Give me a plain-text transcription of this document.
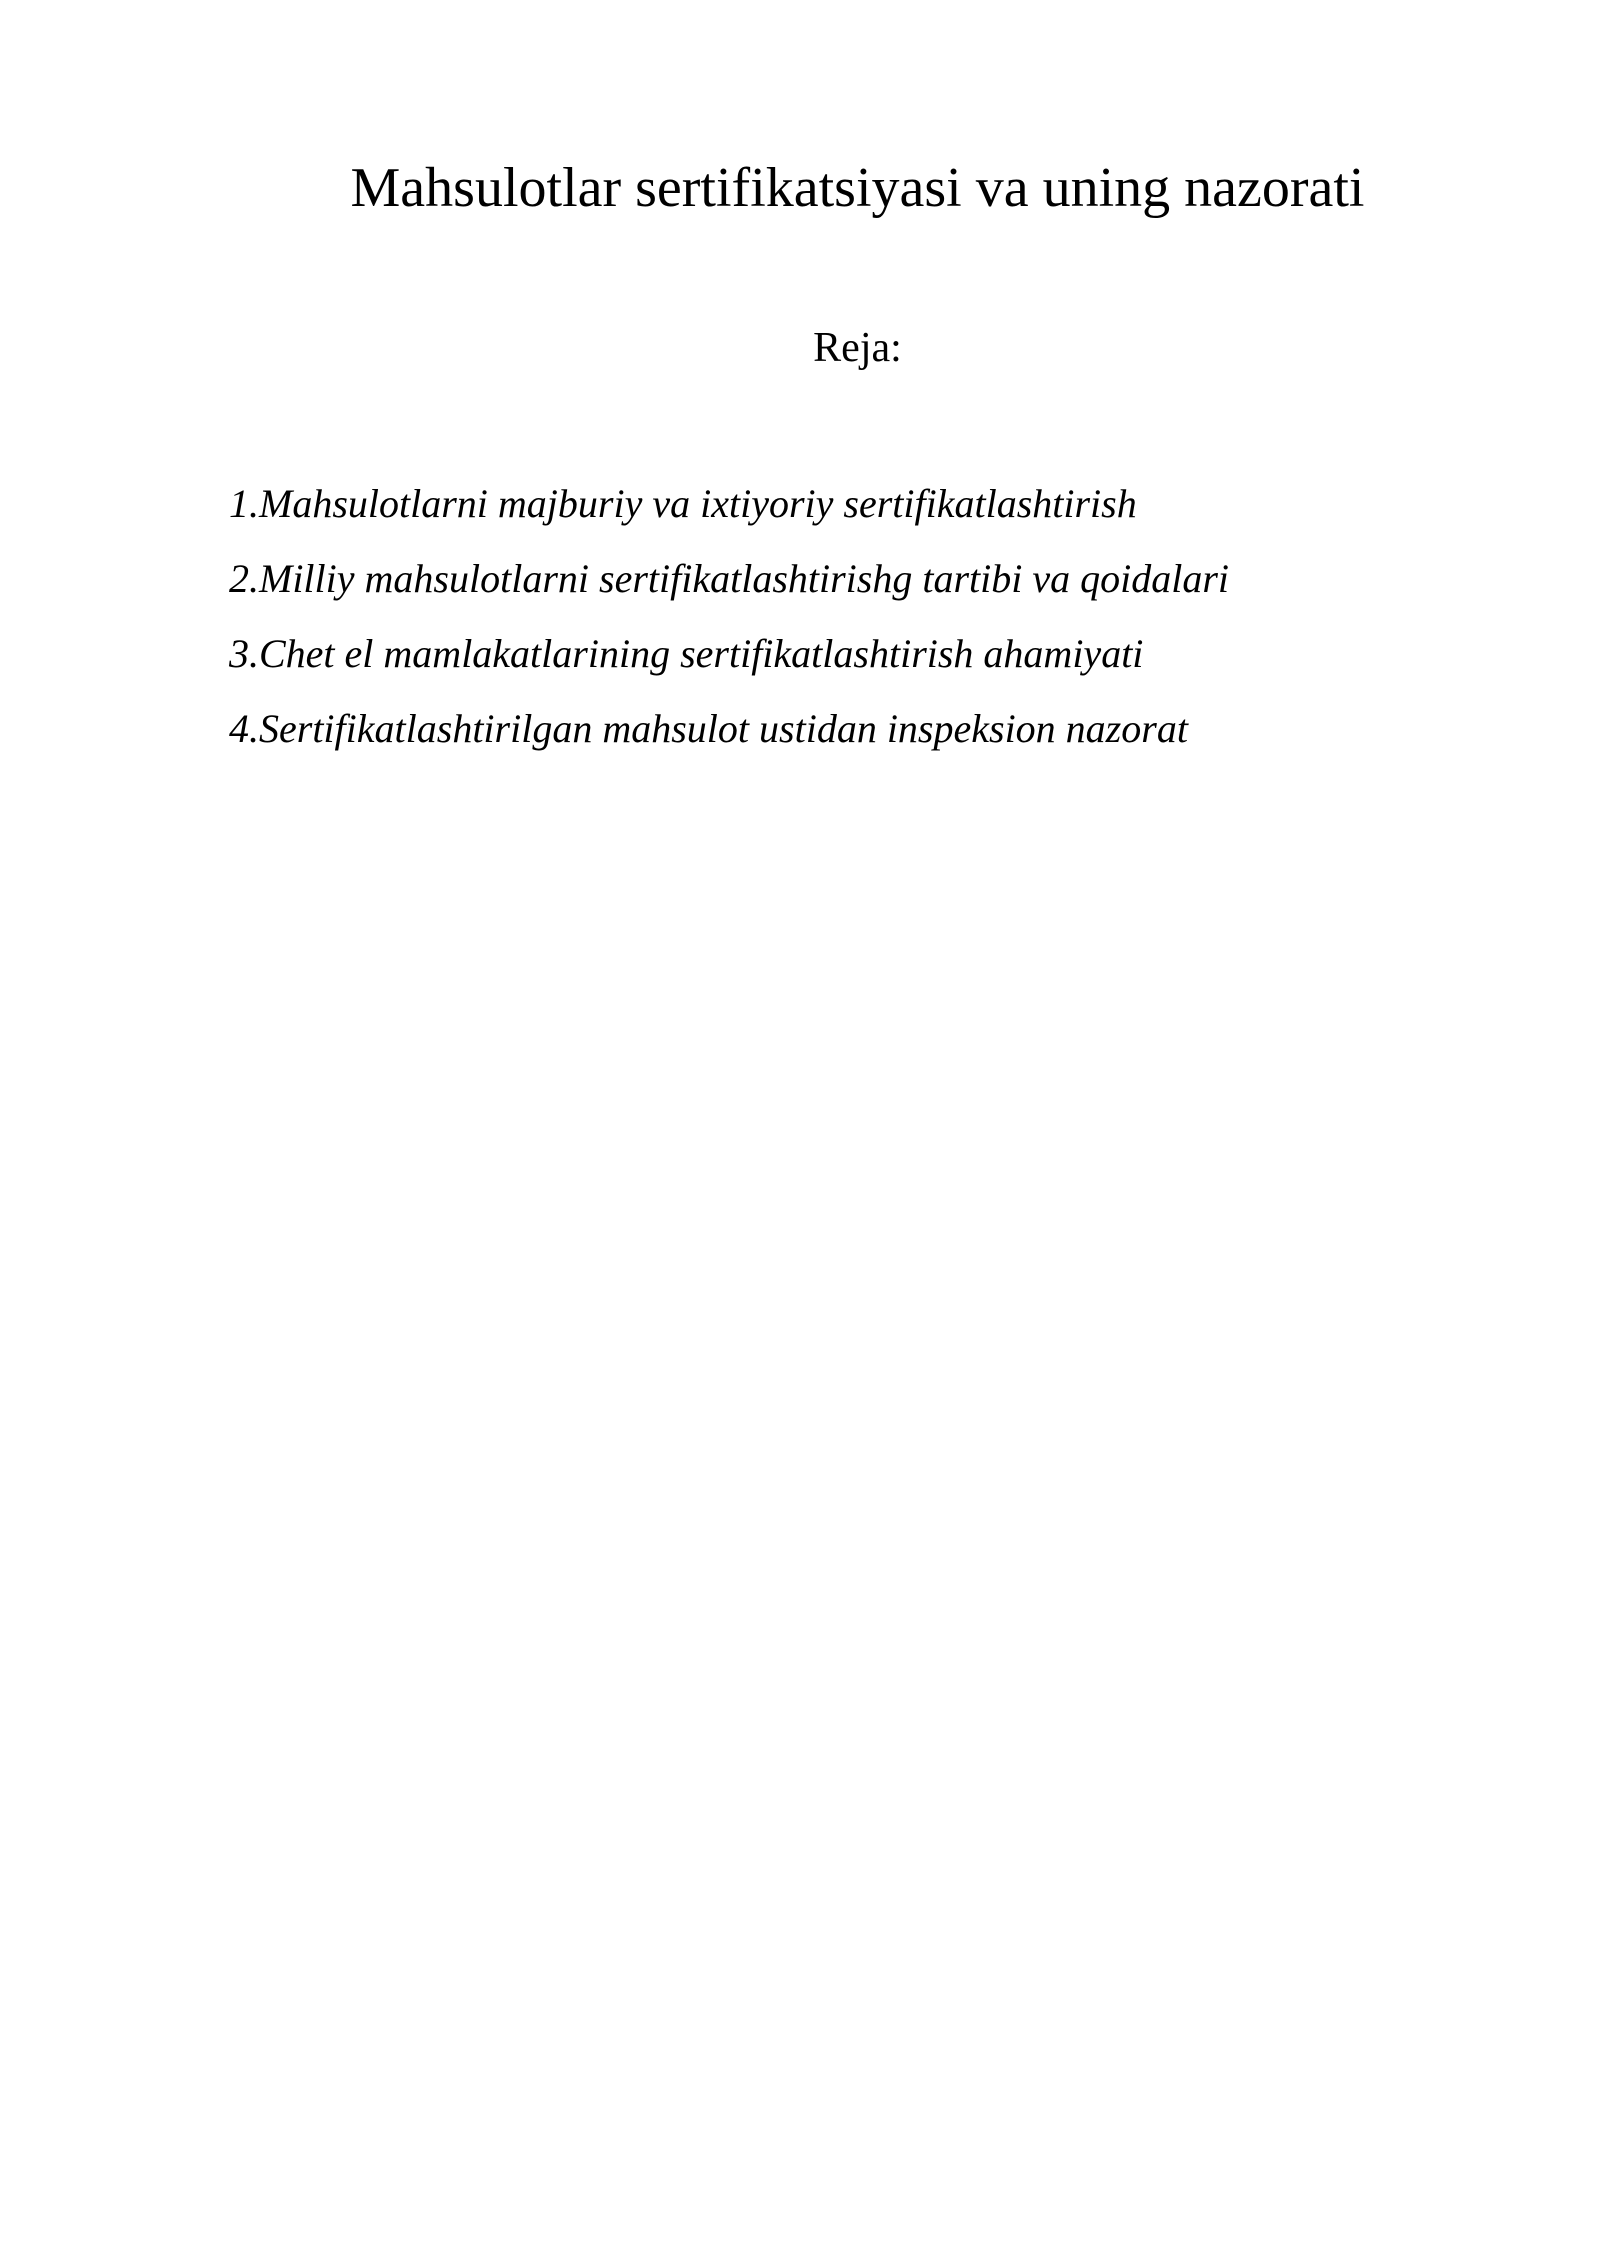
Mahsulotlar sertifikatsiyasi va uning nazorati

Reja:

1.Mahsulotlarni majburiy va ixtiyoriy sertifikatlashtirish
2.Milliy mahsulotlarni sertifikatlashtirishg tartibi va qoidalari
3.Chet el mamlakatlarining sertifikatlashtirish ahamiyati
4.Sertifikatlashtirilgan mahsulot ustidan inspeksion nazorat
